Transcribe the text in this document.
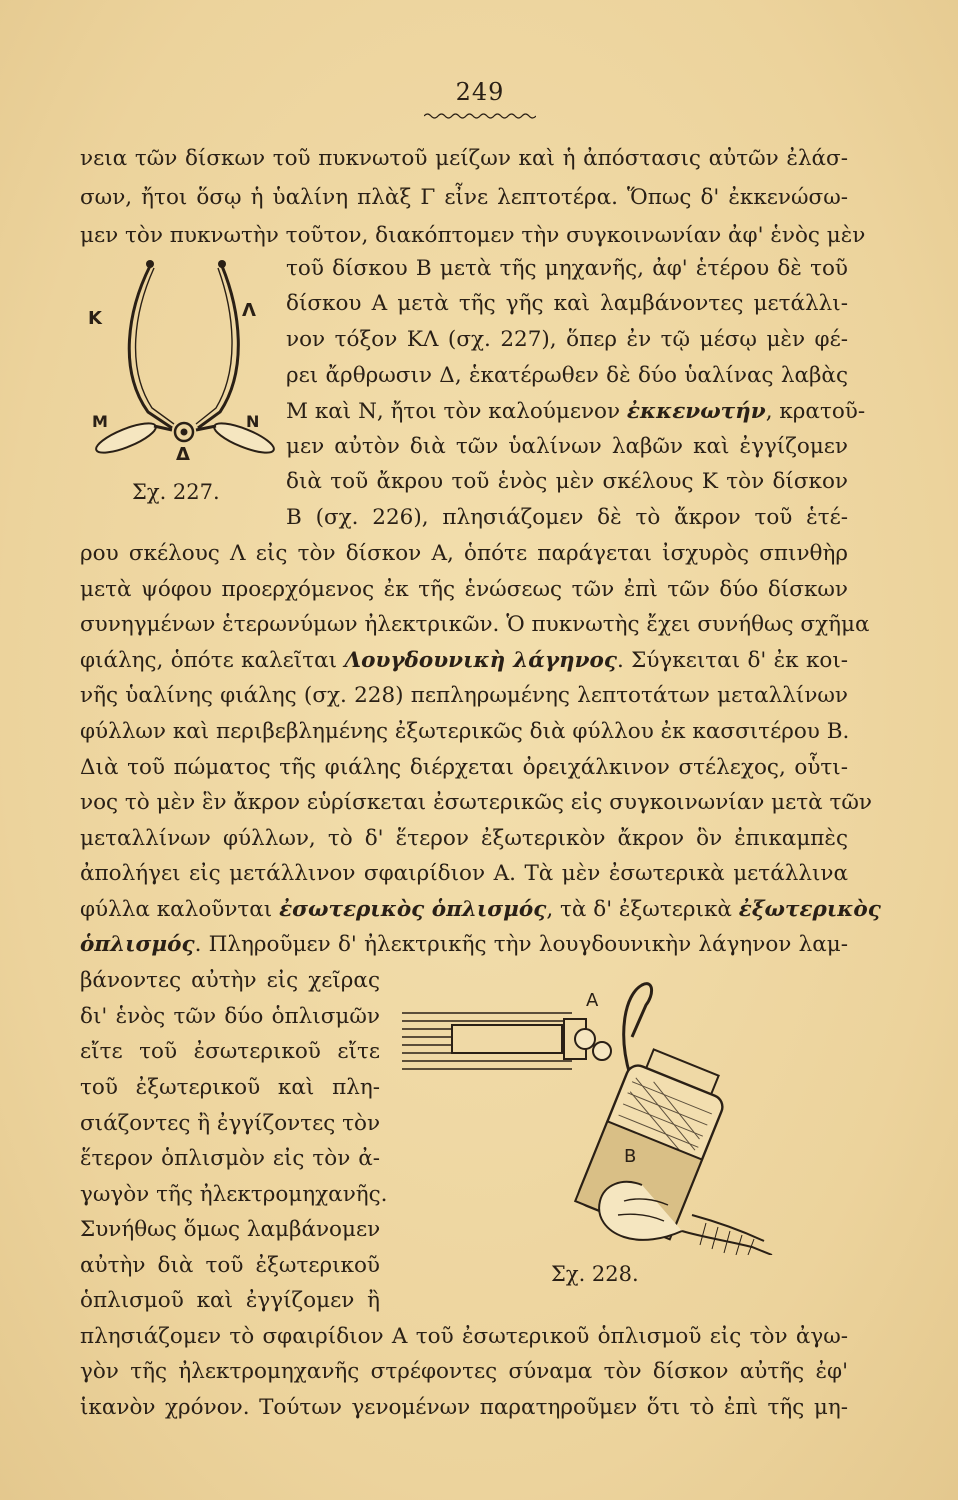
249
νεια τῶν δίσκων τοῦ πυκνωτοῦ μείζων καὶ ἡ ἀπόστασις αὐτῶν ἐλάσ-
σων, ἤτοι ὅσῳ ἡ ὑαλίνη πλὰξ Γ εἶνε λεπτοτέρα. Ὅπως δ' ἐκκενώσω-
μεν τὸν πυκνωτὴν τοῦτον, διακόπτομεν τὴν συγκοινωνίαν ἀφ' ἑνὸς μὲν
τοῦ δίσκου Β μετὰ τῆς μηχανῆς, ἀφ' ἑτέρου δὲ τοῦ
δίσκου Α μετὰ τῆς γῆς καὶ λαμβάνοντες μετάλλι-
νον τόξον ΚΛ (σχ. 227), ὅπερ ἐν τῷ μέσῳ μὲν φέ-
ρει ἄρθρωσιν Δ, ἑκατέρωθεν δὲ δύο ὑαλίνας λαβὰς
Μ καὶ Ν, ἤτοι τὸν καλούμενον ἐκκενωτήν, κρατοῦ-
μεν αὐτὸν διὰ τῶν ὑαλίνων λαβῶν καὶ ἐγγίζομεν
διὰ τοῦ ἄκρου τοῦ ἑνὸς μὲν σκέλους Κ τὸν δίσκον
Β (σχ. 226), πλησιάζομεν δὲ τὸ ἄκρον τοῦ ἑτέ-
Κ	Λ
Μ	Ν
Δ
Σχ. 227.
ρου σκέλους Λ εἰς τὸν δίσκον Α, ὁπότε παράγεται ἰσχυρὸς σπινθὴρ
μετὰ ψόφου προερχόμενος ἐκ τῆς ἑνώσεως τῶν ἐπὶ τῶν δύο δίσκων
συνηγμένων ἑτερωνύμων ἠλεκτρικῶν. Ὁ πυκνωτὴς ἔχει συνήθως σχῆμα
φιάλης, ὁπότε καλεῖται Λουγδουνικὴ λάγηνος. Σύγκειται δ' ἐκ κοι-
νῆς ὑαλίνης φιάλης (σχ. 228) πεπληρωμένης λεπτοτάτων μεταλλίνων
φύλλων καὶ περιβεβλημένης ἐξωτερικῶς διὰ φύλλου ἐκ κασσιτέρου Β.
Διὰ τοῦ πώματος τῆς φιάλης διέρχεται ὀρειχάλκινον στέλεχος, οὗτι-
νος τὸ μὲν ἓν ἄκρον εὑρίσκεται ἐσωτερικῶς εἰς συγκοινωνίαν μετὰ τῶν
μεταλλίνων φύλλων, τὸ δ' ἕτερον ἐξωτερικὸν ἄκρον ὃν ἐπικαμπὲς
ἀπολήγει εἰς μετάλλινον σφαιρίδιον Α. Τὰ μὲν ἐσωτερικὰ μετάλλινα
φύλλα καλοῦνται ἐσωτερικὸς ὁπλισμός, τὰ δ' ἐξωτερικὰ ἐξωτερικὸς
ὁπλισμός. Πληροῦμεν δ' ἠλεκτρικῆς τὴν λουγδουνικὴν λάγηνον λαμ-
βάνοντες αὐτὴν εἰς χεῖρας
δι' ἑνὸς τῶν δύο ὁπλισμῶν
εἴτε τοῦ ἐσωτερικοῦ εἴτε
τοῦ ἐξωτερικοῦ καὶ πλη-
σιάζοντες ἢ ἐγγίζοντες τὸν
ἕτερον ὁπλισμὸν εἰς τὸν ἀ-
γωγὸν τῆς ἠλεκτρομηχανῆς.
Συνήθως ὅμως λαμβάνομεν
αὐτὴν διὰ τοῦ ἐξωτερικοῦ
ὁπλισμοῦ καὶ ἐγγίζομεν ἢ
Α
Β
Σχ. 228.
πλησιάζομεν τὸ σφαιρίδιον Α τοῦ ἐσωτερικοῦ ὁπλισμοῦ εἰς τὸν ἀγω-
γὸν τῆς ἠλεκτρομηχανῆς στρέφοντες σύναμα τὸν δίσκον αὐτῆς ἐφ'
ἱκανὸν χρόνον. Τούτων γενομένων παρατηροῦμεν ὅτι τὸ ἐπὶ τῆς μη-
